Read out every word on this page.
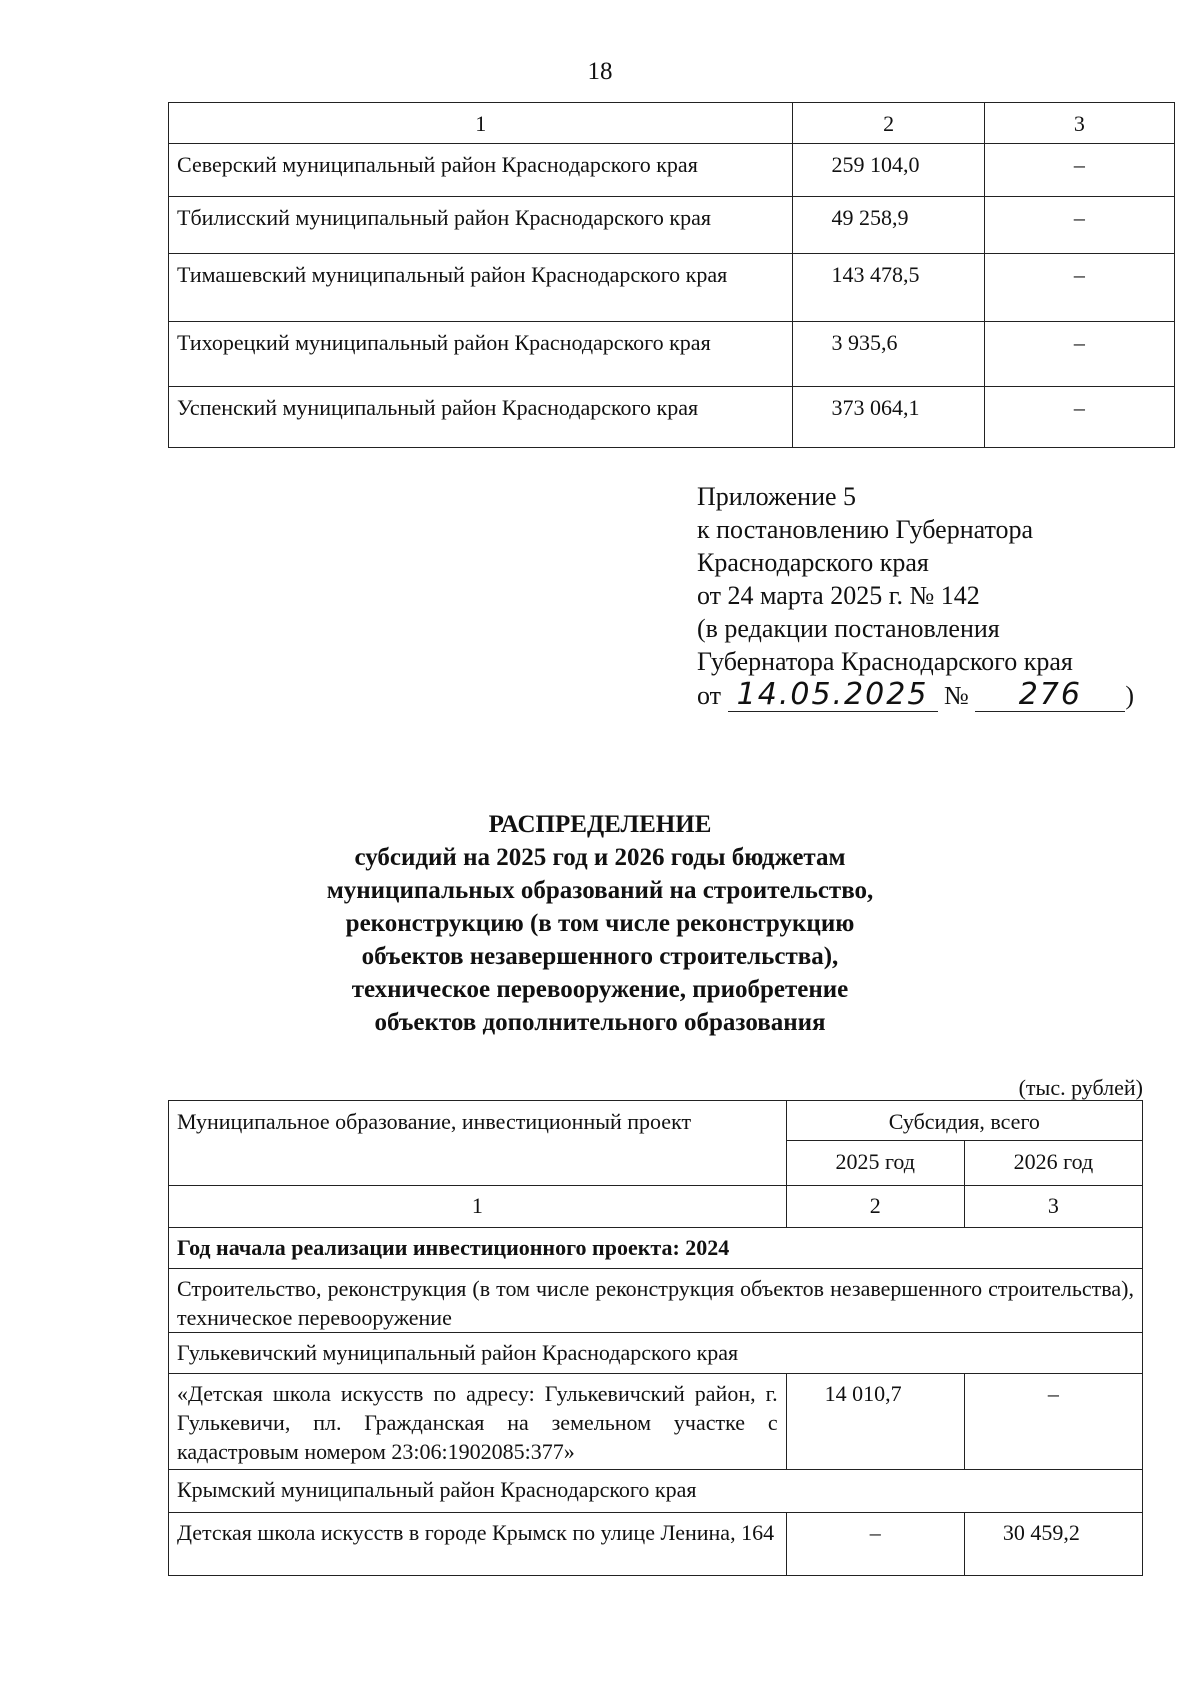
18
1	2	3
Северский муниципальный район Краснодарского края	259 104,0	–
Тбилисский муниципальный район Краснодарского края	49 258,9	–
Тимашевский муниципальный район Краснодарского края	143 478,5	–
Тихорецкий муниципальный район Краснодарского края	3 935,6	–
Успенский муниципальный район Краснодарского края	373 064,1	–
Приложение 5
к постановлению Губернатора
Краснодарского края
от 24 марта 2025 г. № 142
(в редакции постановления
Губернатора Краснодарского края
от 14.05.2025 № 276 )
РАСПРЕДЕЛЕНИЕ
субсидий на 2025 год и 2026 годы бюджетам
муниципальных образований на строительство,
реконструкцию (в том числе реконструкцию
объектов незавершенного строительства),
техническое перевооружение, приобретение
объектов дополнительного образования
(тыс. рублей)
Муниципальное образование, инвестиционный проект	Субсидия, всего	
	2025 год	2026 год
1	2	3
Год начала реализации инвестиционного проекта: 2024		
Строительство, реконструкция (в том числе реконструкция объектов незавершенного строительства), техническое перевооружение		
Гулькевичский муниципальный район Краснодарского края		
«Детская школа искусств по адресу: Гулькевичский район, г. Гулькевичи, пл. Гражданская на земельном участке с кадастровым номером 23:06:1902085:377»	14 010,7	–
Крымский муниципальный район Краснодарского края		
Детская школа искусств в городе Крымск по улице Ленина, 164	–	30 459,2
